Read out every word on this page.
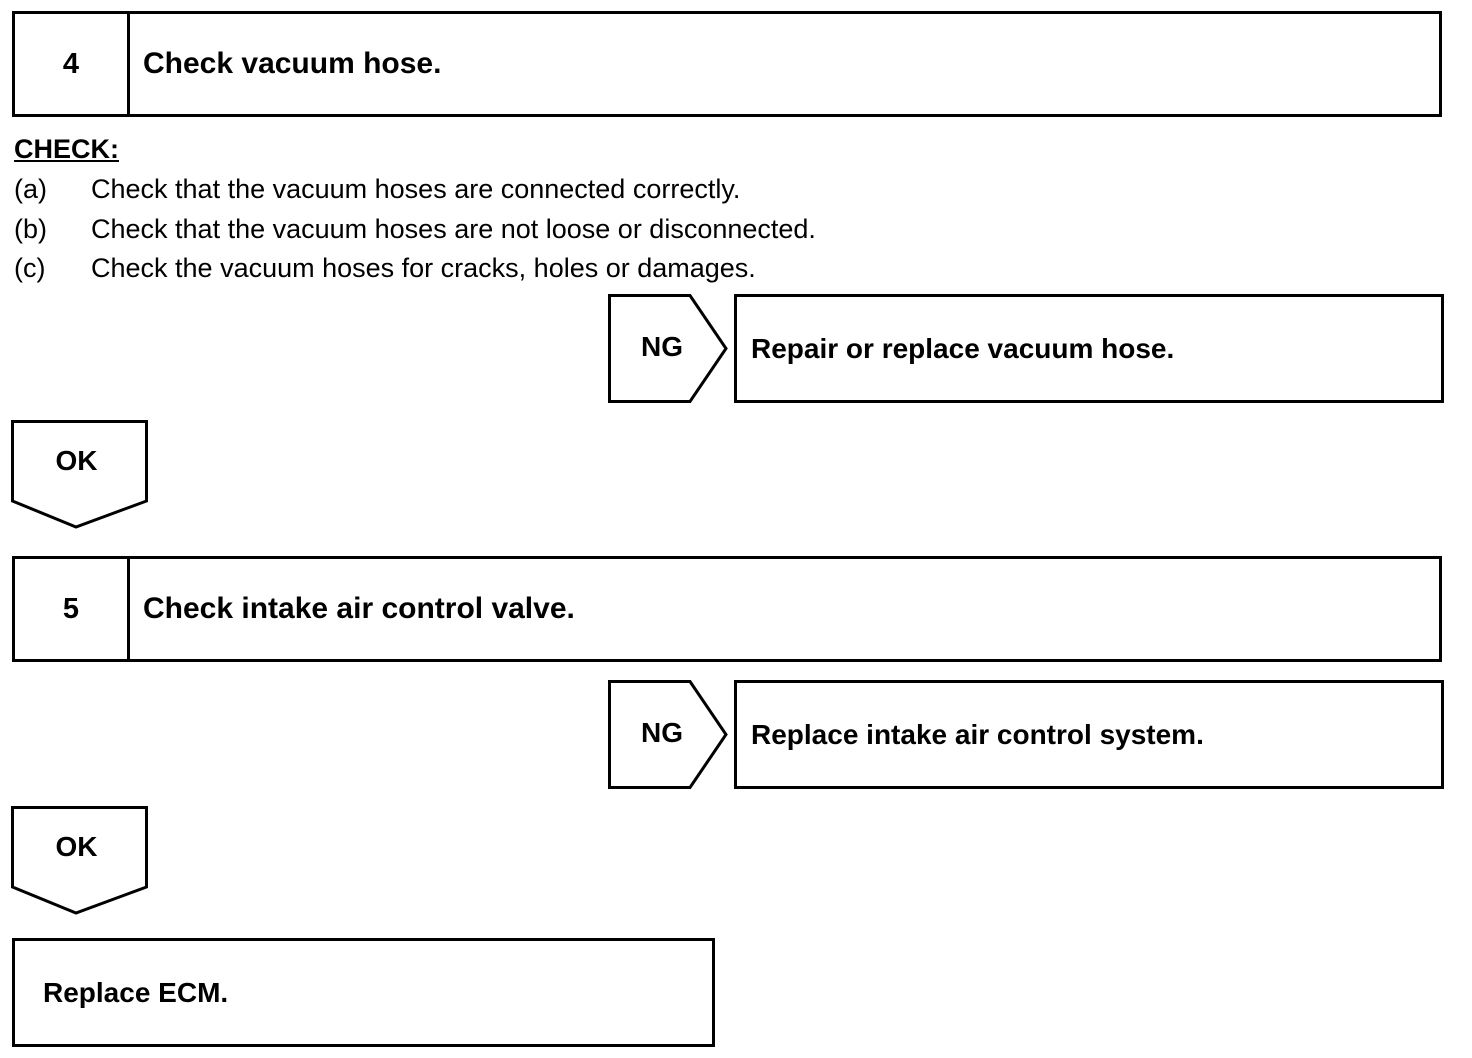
4	Check vacuum hose.
CHECK:
(a) Check that the vacuum hoses are connected correctly.
(b) Check that the vacuum hoses are not loose or disconnected.
(c) Check the vacuum hoses for cracks, holes or damages.
NG	Repair or replace vacuum hose.
OK
5	Check intake air control valve.
NG	Replace intake air control system.
OK
Replace ECM.
